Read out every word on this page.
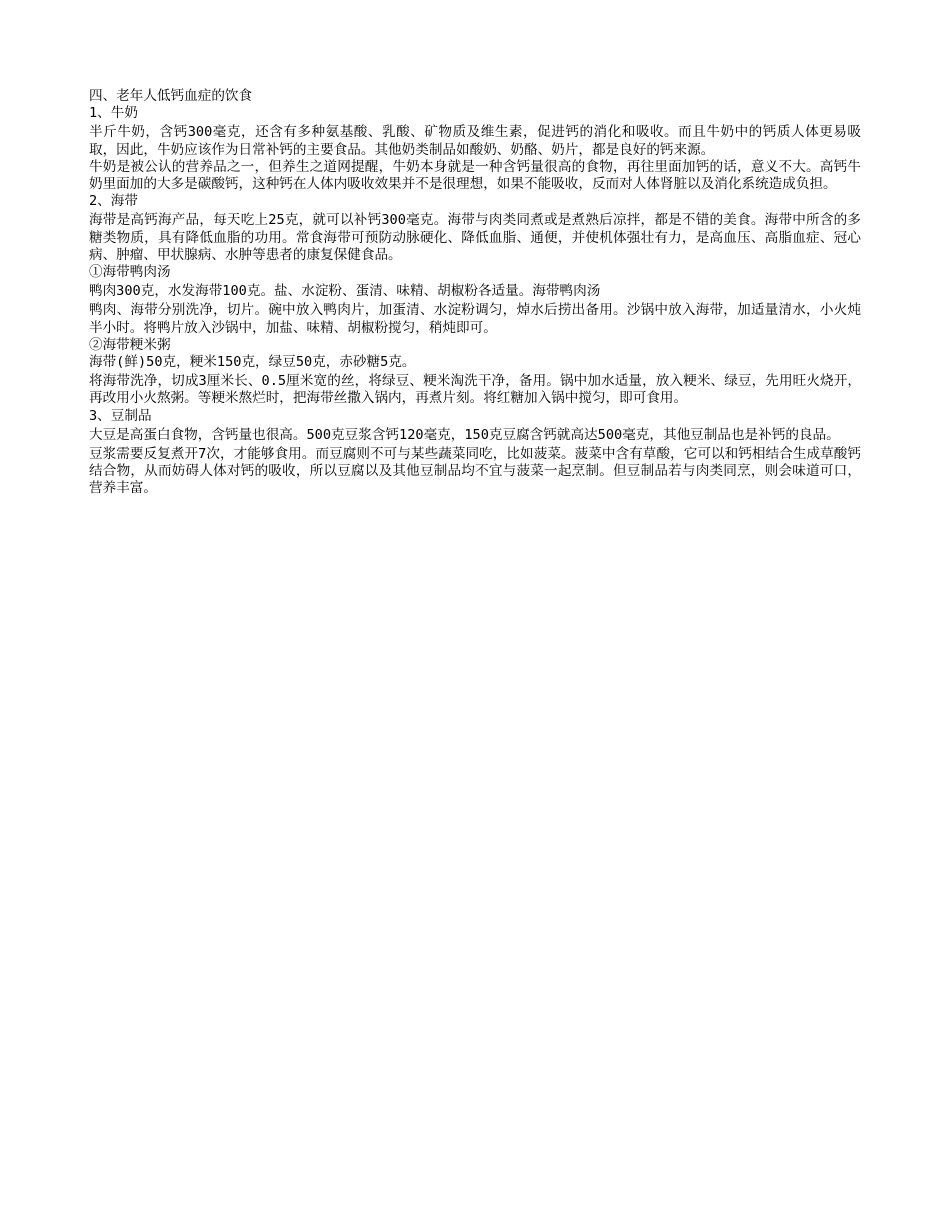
四、老年人低钙血症的饮食

1、牛奶

半斤牛奶，含钙300毫克，还含有多种氨基酸、乳酸、矿物质及维生素，促进钙的消化和吸收。而且牛奶中的钙质人体更易吸取，因此，牛奶应该作为日常补钙的主要食品。其他奶类制品如酸奶、奶酪、奶片，都是良好的钙来源。

牛奶是被公认的营养品之一，但养生之道网提醒，牛奶本身就是一种含钙量很高的食物，再往里面加钙的话，意义不大。高钙牛奶里面加的大多是碳酸钙，这种钙在人体内吸收效果并不是很理想，如果不能吸收，反而对人体肾脏以及消化系统造成负担。

2、海带

海带是高钙海产品，每天吃上25克，就可以补钙300毫克。海带与肉类同煮或是煮熟后凉拌，都是不错的美食。海带中所含的多糖类物质，具有降低血脂的功用。常食海带可预防动脉硬化、降低血脂、通便，并使机体强壮有力，是高血压、高脂血症、冠心病、肿瘤、甲状腺病、水肿等患者的康复保健食品。

①海带鸭肉汤

鸭肉300克，水发海带100克。盐、水淀粉、蛋清、味精、胡椒粉各适量。海带鸭肉汤

鸭肉、海带分别洗净，切片。碗中放入鸭肉片，加蛋清、水淀粉调匀，焯水后捞出备用。沙锅中放入海带，加适量清水，小火炖半小时。将鸭片放入沙锅中，加盐、味精、胡椒粉搅匀，稍炖即可。

②海带粳米粥

海带(鲜)50克，粳米150克，绿豆50克，赤砂糖5克。

将海带洗净，切成3厘米长、0.5厘米宽的丝，将绿豆、粳米淘洗干净，备用。锅中加水适量，放入粳米、绿豆，先用旺火烧开，再改用小火熬粥。等粳米熬烂时，把海带丝撒入锅内，再煮片刻。将红糖加入锅中搅匀，即可食用。

3、豆制品

大豆是高蛋白食物，含钙量也很高。500克豆浆含钙120毫克，150克豆腐含钙就高达500毫克，其他豆制品也是补钙的良品。

豆浆需要反复煮开7次，才能够食用。而豆腐则不可与某些蔬菜同吃，比如菠菜。菠菜中含有草酸，它可以和钙相结合生成草酸钙结合物，从而妨碍人体对钙的吸收，所以豆腐以及其他豆制品均不宜与菠菜一起烹制。但豆制品若与肉类同烹，则会味道可口，营养丰富。
